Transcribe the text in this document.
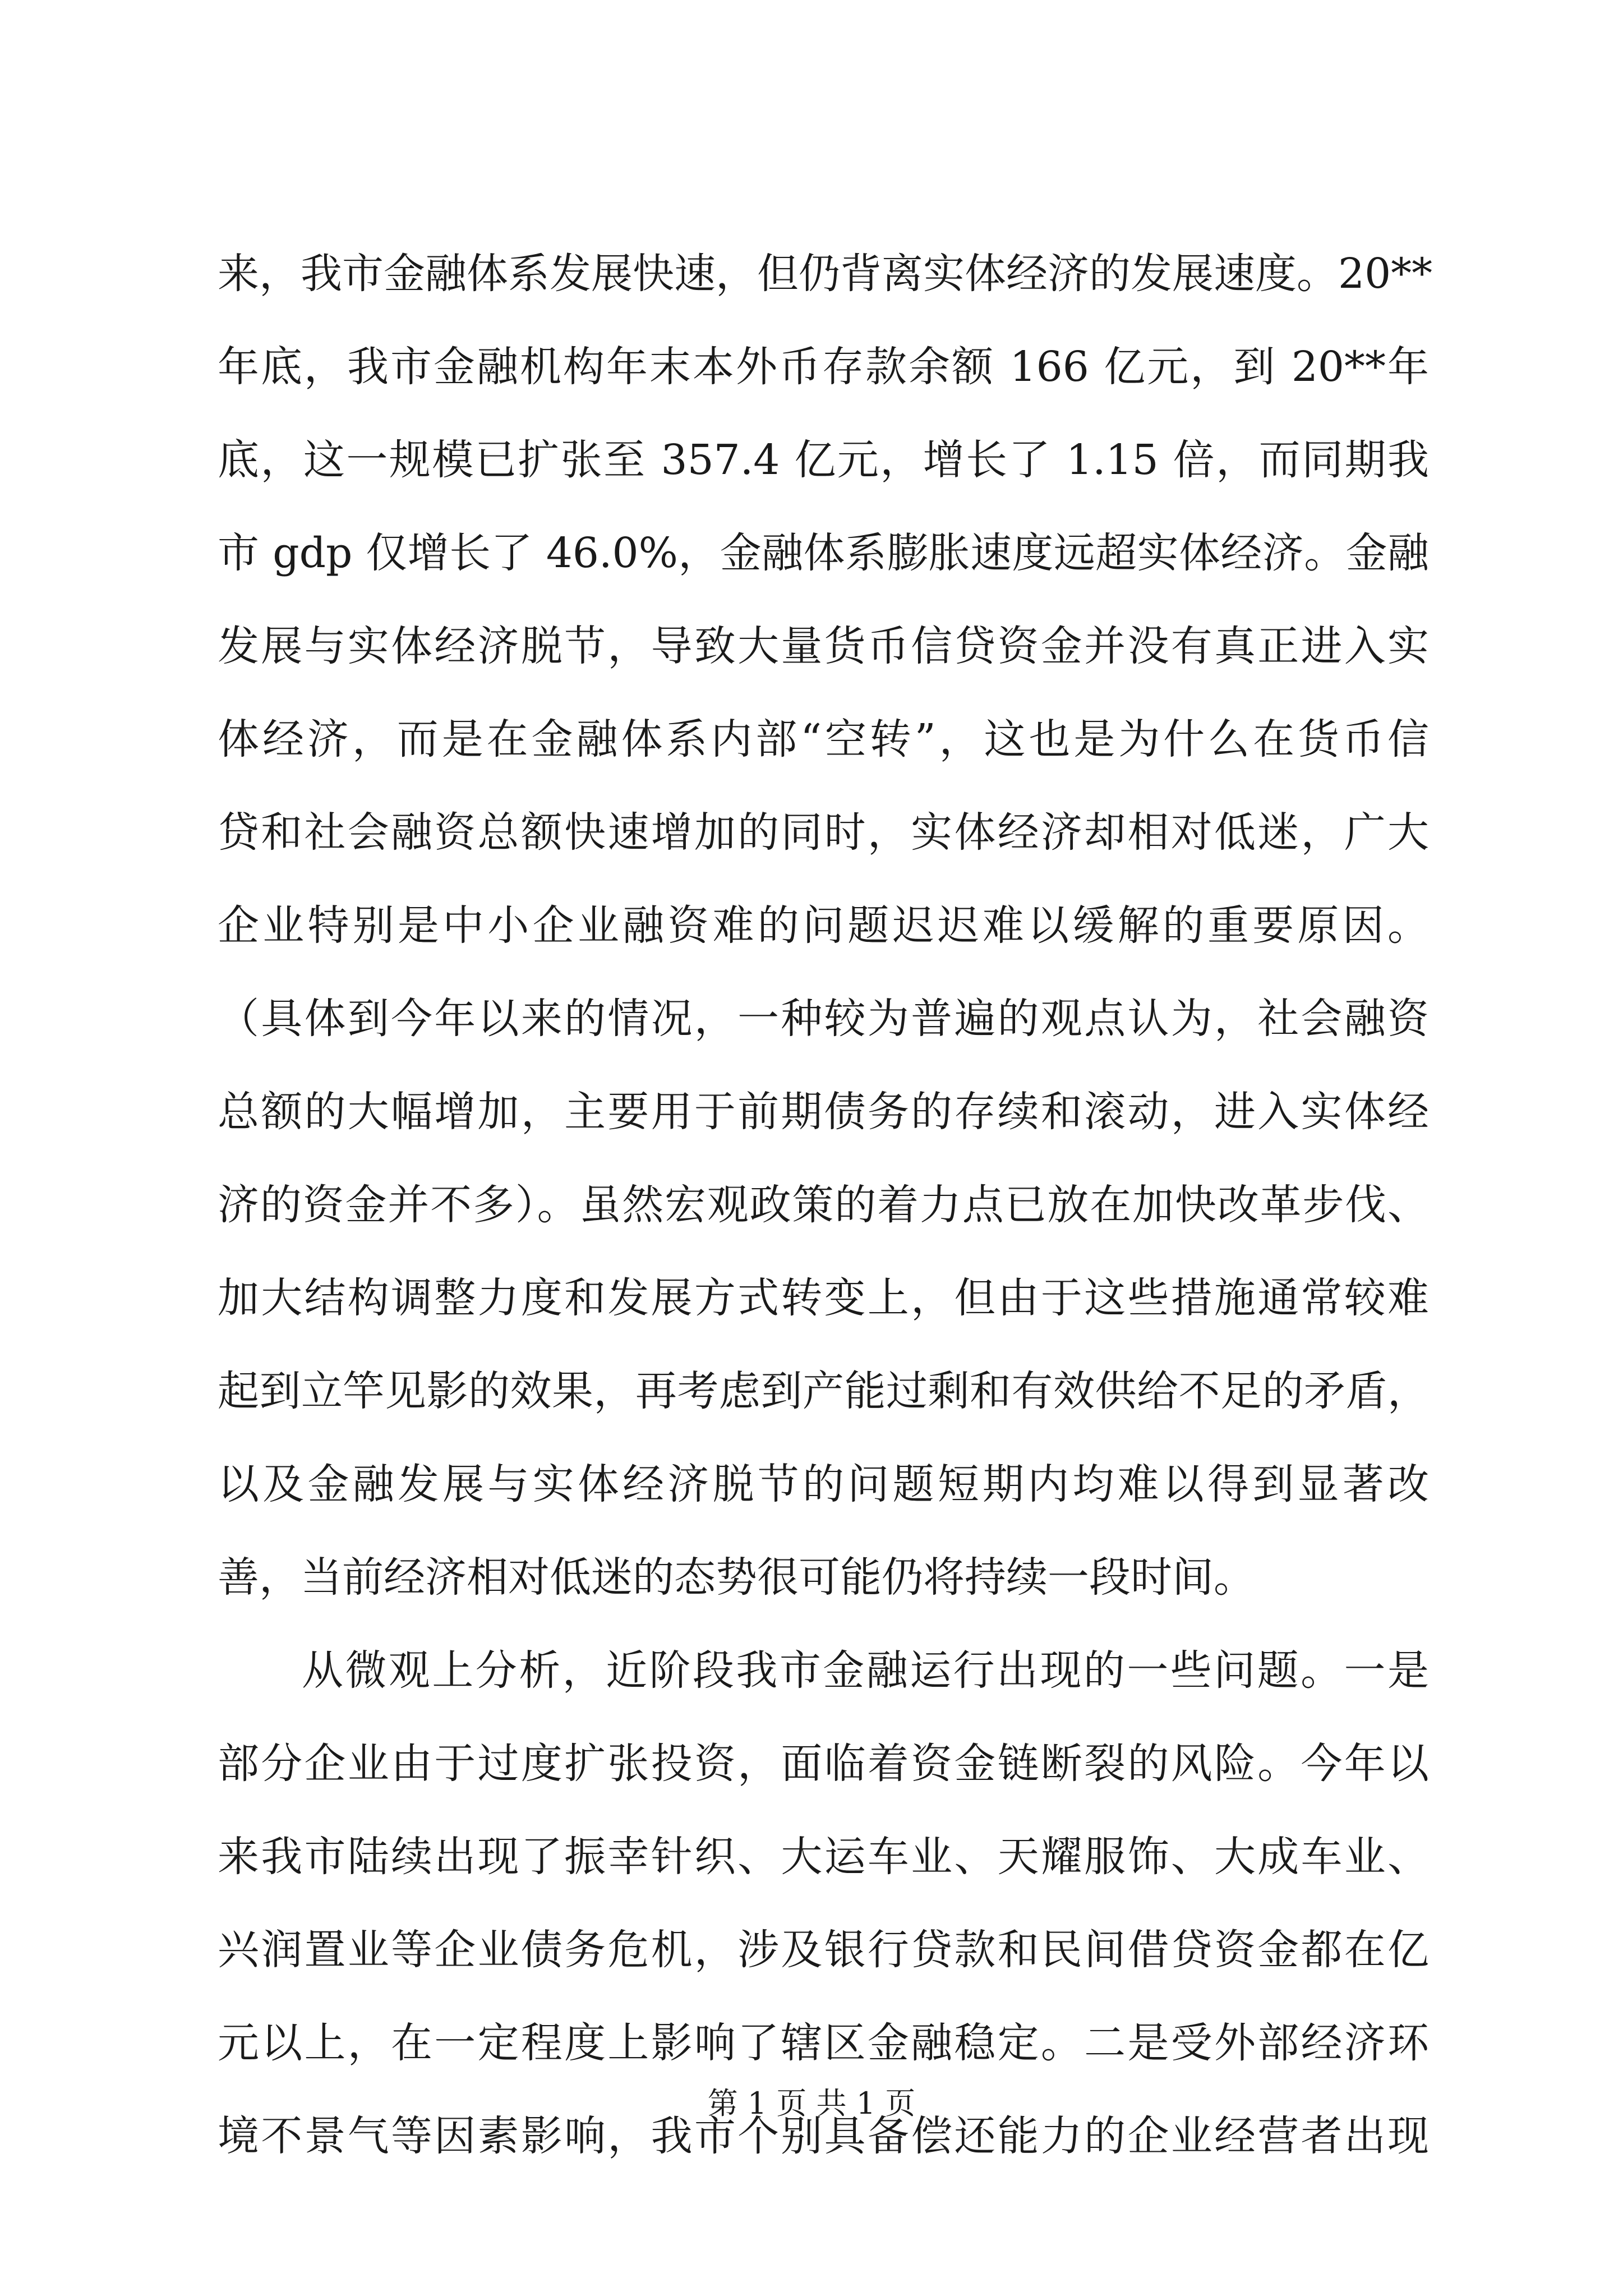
来，我市金融体系发展快速，但仍背离实体经济的发展速度。20**
年底，我市金融机构年末本外币存款余额 166 亿元，到 20**年
底，这一规模已扩张至 357.4 亿元，增长了 1.15 倍，而同期我
市 gdp 仅增长了 46.0%，金融体系膨胀速度远超实体经济。金融
发展与实体经济脱节，导致大量货币信贷资金并没有真正进入实
体经济，而是在金融体系内部“空转”，这也是为什么在货币信
贷和社会融资总额快速增加的同时，实体经济却相对低迷，广大
企业特别是中小企业融资难的问题迟迟难以缓解的重要原因。
（具体到今年以来的情况，一种较为普遍的观点认为，社会融资
总额的大幅增加，主要用于前期债务的存续和滚动，进入实体经
济的资金并不多）。虽然宏观政策的着力点已放在加快改革步伐、
加大结构调整力度和发展方式转变上，但由于这些措施通常较难
起到立竿见影的效果，再考虑到产能过剩和有效供给不足的矛盾，
以及金融发展与实体经济脱节的问题短期内均难以得到显著改
善，当前经济相对低迷的态势很可能仍将持续一段时间。
从微观上分析，近阶段我市金融运行出现的一些问题。一是
部分企业由于过度扩张投资，面临着资金链断裂的风险。今年以
来我市陆续出现了振幸针织、大运车业、天耀服饰、大成车业、
兴润置业等企业债务危机，涉及银行贷款和民间借贷资金都在亿
元以上，在一定程度上影响了辖区金融稳定。二是受外部经济环
境不景气等因素影响，我市个别具备偿还能力的企业经营者出现
第 1 页 共 1 页
